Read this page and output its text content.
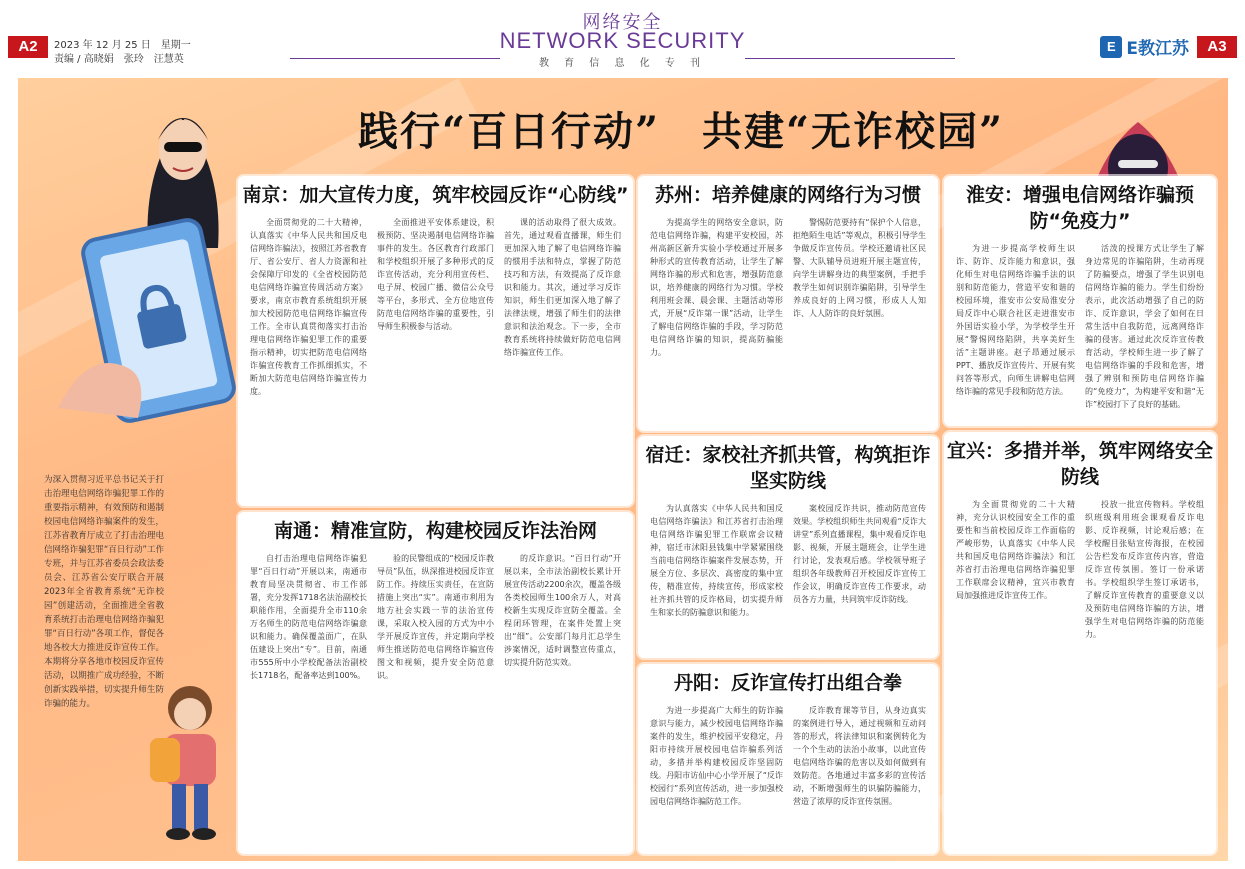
A2	2023 年 12 月 25 日　星期一
责编 / 高晓娟　张玲　汪慧英
网络安全
NETWORK SECURITY
教 育 信 息 化 专 刊
E E教江苏	A3
践行“百日行动”　共建“无诈校园”
为深入贯彻习近平总书记关于打击治理电信网络诈骗犯罪工作的重要指示精神，有效预防和遏制校园电信网络诈骗案件的发生，江苏省教育厅成立了打击治理电信网络诈骗犯罪“百日行动”工作专班，并与江苏省委员会政法委员会、江苏省公安厅联合开展2023年全省教育系统“无诈校园”创建活动，全面推进全省教育系统打击治理电信网络诈骗犯罪“百日行动”各项工作，督促各地各校大力推进反诈宣传工作。本期将分享各地市校园反诈宣传活动，以期推广成功经验，不断创新实践举措，切实提升师生防诈骗的能力。
南京：加大宣传力度，筑牢校园反诈“心防线”

全面贯彻党的二十大精神，认真落实《中华人民共和国反电信网络诈骗法》，按照江苏省教育厅、省公安厅、省人力资源和社会保障厅印发的《全省校园防范电信网络诈骗宣传周活动方案》要求，南京市教育系统组织开展加大校园防范电信网络诈骗宣传工作。全市认真贯彻落实打击治理电信网络诈骗犯罪工作的重要指示精神，切实把防范电信网络诈骗宣传教育工作抓细抓实，不断加大防范电信网络诈骗宣传力度。

全面推进平安体系建设，积极预防、坚决遏制电信网络诈骗事件的发生。各区教育行政部门和学校组织开展了多种形式的反诈宣传活动，充分利用宣传栏、电子屏、校园广播、微信公众号等平台，多形式、全方位地宣传防范电信网络诈骗的重要性，引导师生积极参与活动。

课的活动取得了很大成效。首先，通过观看直播课，师生们更加深入地了解了电信网络诈骗的惯用手法和特点，掌握了防范技巧和方法，有效提高了反诈意识和能力。其次，通过学习反诈知识，师生们更加深入地了解了法律法规，增强了师生们的法律意识和法治观念。下一步，全市教育系统将持续做好防范电信网络诈骗宣传工作。

南通：精准宣防，构建校园反诈法治网

自打击治理电信网络诈骗犯罪“百日行动”开展以来，南通市教育局坚决贯彻省、市工作部署，充分发挥1718名法治副校长职能作用，全面提升全市110余万名师生的防范电信网络诈骗意识和能力。确保覆盖面广，在队伍建设上突出“专”。目前，南通市555所中小学校配备法治副校长1718名，配备率达到100%。

验的民警组成的“校园反诈教导员”队伍，纵深推进校园反诈宣防工作。持续压实责任，在宣防措施上突出“实”。南通市利用为地方社会实践一节的法治宣传课，采取入校入园的方式为中小学开展反诈宣传，并定期向学校师生推送防范电信网络诈骗宣传图文和视频，提升安全防范意识。

的反诈意识。“百日行动”开展以来，全市法治副校长累计开展宣传活动2200余次，覆盖各级各类校园师生100余万人，对高校新生实现反诈宣防全覆盖。全程闭环管理，在案件处置上突出“细”。公安部门每月汇总学生涉案情况，适时调整宣传重点，切实提升防范实效。

苏州：培养健康的网络行为习惯

为提高学生的网络安全意识，防范电信网络诈骗，构建平安校园，苏州高新区新升实验小学校通过开展多种形式的宣传教育活动，让学生了解网络诈骗的形式和危害，增强防范意识，培养健康的网络行为习惯。学校利用班会课、晨会课、主题活动等形式，开展“反诈第一课”活动，让学生了解电信网络诈骗的手段，学习防范电信网络诈骗的知识，提高防骗能力。

警惕防范要持有“保护个人信息，拒绝陌生电话”等观点，积极引导学生争做反诈宣传员。学校还邀请社区民警、大队辅导员进班开展主题宣传，向学生讲解身边的典型案例，手把手教学生如何识别诈骗陷阱，引导学生养成良好的上网习惯，形成人人知诈、人人防诈的良好氛围。

宿迁：家校社齐抓共管，构筑拒诈坚实防线

为认真落实《中华人民共和国反电信网络诈骗法》和江苏省打击治理电信网络诈骗犯罪工作联席会议精神，宿迁市沭阳县钱集中学紧紧围绕当前电信网络诈骗案件发展态势，开展全方位、多层次、高密度的集中宣传，精准宣传，持续宣传，形成家校社齐抓共管的反诈格局，切实提升师生和家长的防骗意识和能力。

案校园反诈共识，推动防范宣传效果。学校组织师生共同观看“反诈大讲堂”系列直播课程，集中观看反诈电影、视频，开展主题班会，让学生进行讨论，发表观后感。学校领导班子组织各年级教师召开校园反诈宣传工作会议，明确反诈宣传工作要求，动员各方力量，共同筑牢反诈防线。

丹阳：反诈宣传打出组合拳

为进一步提高广大师生的防诈骗意识与能力，减少校园电信网络诈骗案件的发生，维护校园平安稳定，丹阳市持续开展校园电信诈骗系列活动，多措并举构建校园反诈坚固防线。丹阳市访仙中心小学开展了“反诈校园行”系列宣传活动，进一步加强校园电信网络诈骗防范工作。

反诈教育课等节目，从身边真实的案例进行导入，通过视频和互动问答的形式，将法律知识和案例转化为一个个生动的法治小故事，以此宣传电信网络诈骗的危害以及如何做到有效防范。各地通过丰富多彩的宣传活动，不断增强师生的识骗防骗能力，营造了浓厚的反诈宣传氛围。

淮安：增强电信网络诈骗预防“免疫力”

为进一步提高学校师生识诈、防诈、反诈能力和意识，强化师生对电信网络诈骗手法的识别和防范能力，营造平安和谐的校园环境，淮安市公安局淮安分局反诈中心联合社区走进淮安市外国语实验小学，为学校学生开展“警惕网络陷阱，共享美好生活”主题讲座。赵子昂通过展示PPT、播放反诈宣传片、开展有奖问答等形式，向师生讲解电信网络诈骗的常见手段和防范方法。

活泼的授课方式让学生了解身边常见的诈骗陷阱，生动再现了防骗要点，增强了学生识别电信网络诈骗的能力。学生们纷纷表示，此次活动增强了自己的防诈、反诈意识，学会了如何在日常生活中自我防范，远离网络诈骗的侵害。通过此次反诈宣传教育活动，学校师生进一步了解了电信网络诈骗的手段和危害，增强了辨别和预防电信网络诈骗的“免疫力”，为构建平安和谐“无诈”校园打下了良好的基础。

宜兴：多措并举，筑牢网络安全防线

为全面贯彻党的二十大精神，充分认识校园安全工作的重要性和当前校园反诈工作面临的严峻形势，认真落实《中华人民共和国反电信网络诈骗法》和江苏省打击治理电信网络诈骗犯罪工作联席会议精神，宜兴市教育局加强推进反诈宣传工作。

投放一批宣传物料。学校组织班级利用班会课观看反诈电影、反诈视频，讨论观后感；在学校醒目张贴宣传海报，在校园公告栏发布反诈宣传内容，营造反诈宣传氛围。签订一份承诺书。学校组织学生签订承诺书，了解反诈宣传教育的重要意义以及预防电信网络诈骗的方法，增强学生对电信网络诈骗的防范能力。
